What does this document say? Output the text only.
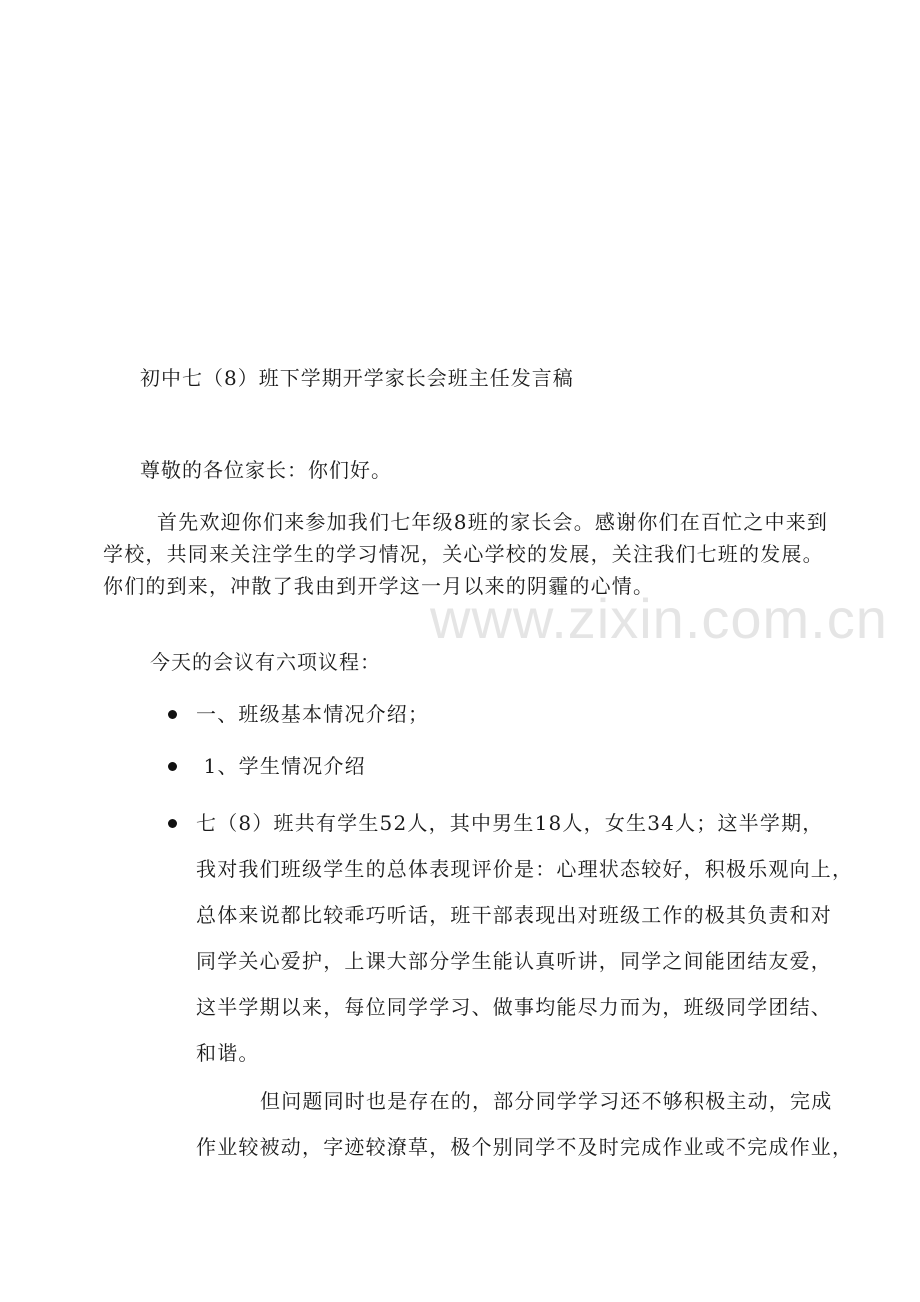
www.zixin.com.cn
初中七（8）班下学期开学家长会班主任发言稿
尊敬的各位家长：你们好。
首先欢迎你们来参加我们七年级8班的家长会。感谢你们在百忙之中来到
学校，共同来关注学生的学习情况，关心学校的发展，关注我们七班的发展。
你们的到来，冲散了我由到开学这一月以来的阴霾的心情。
今天的会议有六项议程：
一、班级基本情况介绍；
1、学生情况介绍
七（8）班共有学生52人，其中男生18人，女生34人；这半学期，
我对我们班级学生的总体表现评价是：心理状态较好，积极乐观向上，
总体来说都比较乖巧听话，班干部表现出对班级工作的极其负责和对
同学关心爱护，上课大部分学生能认真听讲，同学之间能团结友爱，
这半学期以来，每位同学学习、做事均能尽力而为，班级同学团结、
和谐。
但问题同时也是存在的，部分同学学习还不够积极主动，完成
作业较被动，字迹较潦草，极个别同学不及时完成作业或不完成作业，
